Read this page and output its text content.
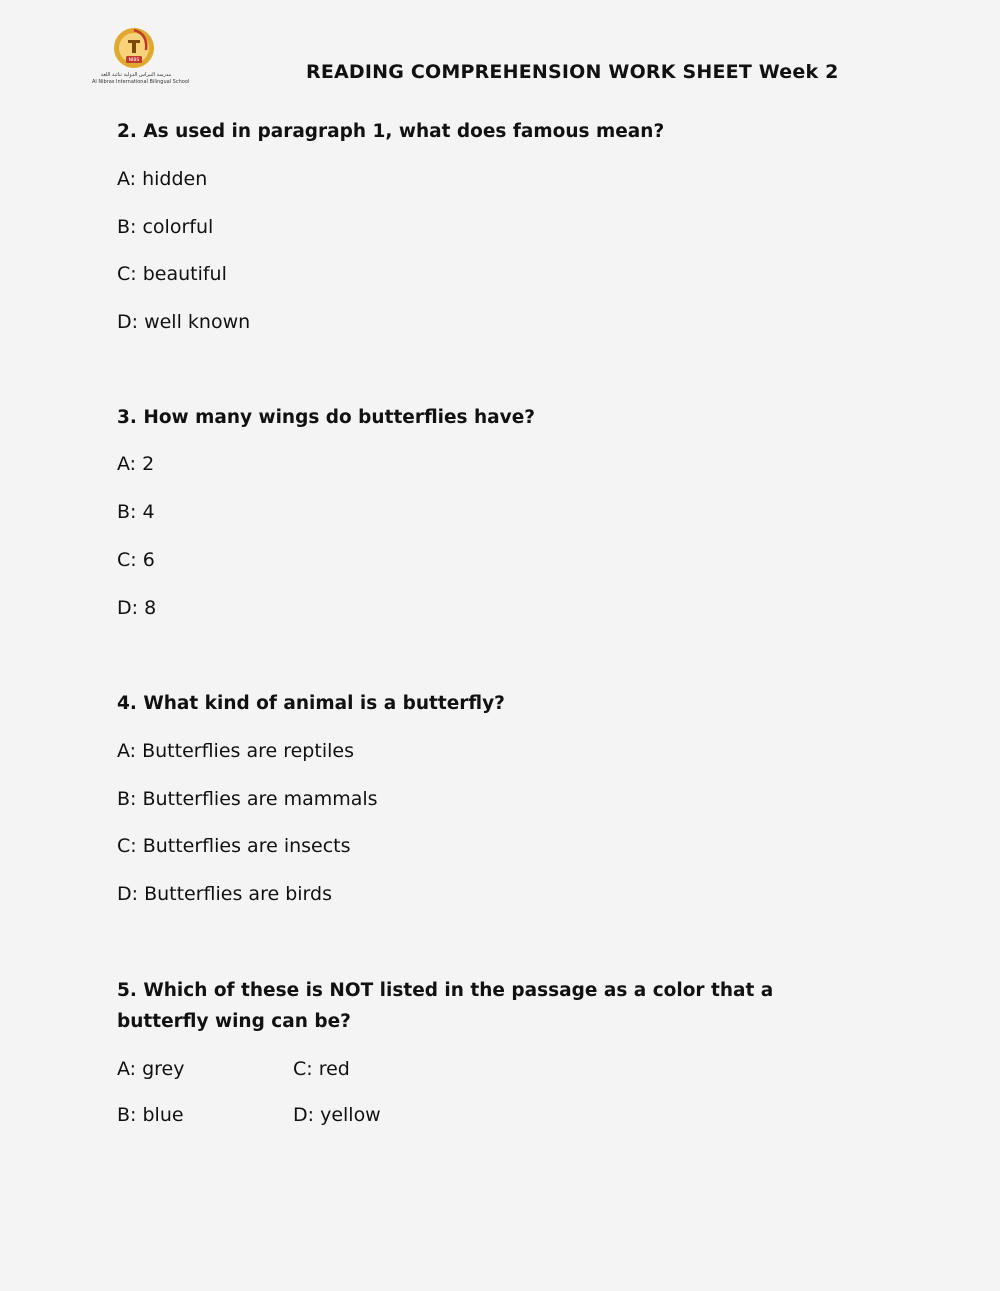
NIBS
مدرسة النبراس الدولية ثنائية اللغة
Al Nibras International Bilingual School	READING COMPREHENSION WORK SHEET Week 2
2. As used in paragraph 1, what does famous mean?
A: hidden
B: colorful
C: beautiful
D: well known
3. How many wings do butterflies have?
A: 2
B: 4
C: 6
D: 8
4. What kind of animal is a butterfly?
A: Butterflies are reptiles
B: Butterflies are mammals
C: Butterflies are insects
D: Butterflies are birds
5. Which of these is NOT listed in the passage as a color that a butterfly wing can be?
A: grey	C: red
B: blue	D: yellow
